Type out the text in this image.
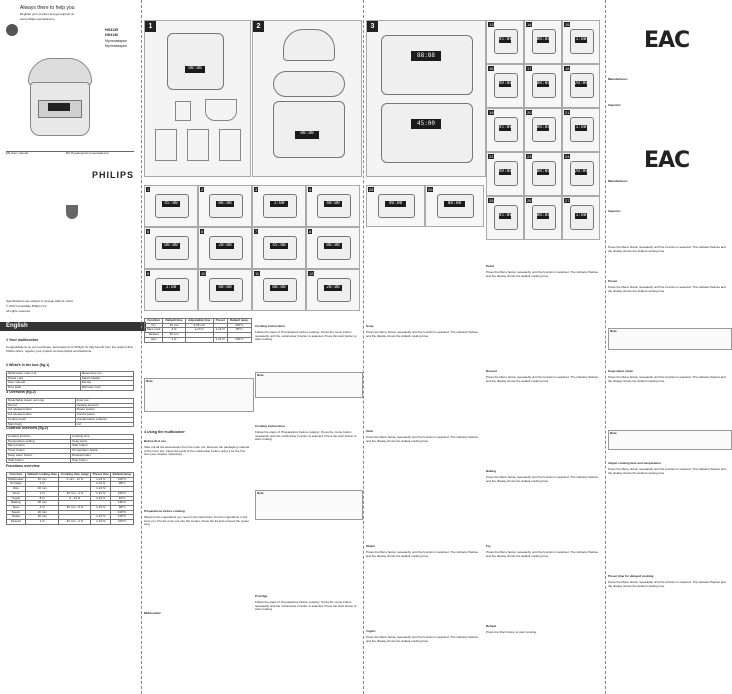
Always there to help you
Register your product and get support at
www.philips.com/welcome
HD3135
HD3136
Мультиварка
Мультиварка
EN User manual	RU Руководство пользователя
PHILIPS
Specifications are subject to change without notice
© 2017 Koninklijke Philips N.V.
All rights reserved.
English
1 Your multicooker
Congratulations on your purchase, and welcome to Philips! To fully benefit from the support that Philips offers, register your product at www.philips.com/welcome.
2 What's in the box (fig.1)
Multicooker main unit	Measuring cup
Power cord	Steam basket
User manual	Recipe
Rice ladle	Warranty card
3 Overview (fig.2)
Detachable steam vent cap	Inner pot
Top lid	Heating element
Lid release button	Power socket
Lid release button	Control panel
Control panel	Condensation collector
Main body	Lid
Controls overview (fig.2)
Cooking function	Cooking time
Temperature setting	Keep warm
Menu button	Start button
Timer button	Temperature button
Keep warm button	Reheat button
Start button	Stop button
Functions overview
Function	Default cooking time	Cooking time range	Preset time	Default temp.
Multicooker	45 min	2 min - 12 hr	1-24 hr	100°C
Porridge	1 hr		1-24 hr	98°C
Rice	40 min		1-24 hr	
Soup	1 hr	20 min - 4 hr	1-24 hr	100°C
Yogurt	8 hr	6 - 12 hr	1-24 hr	40°C
Baking	50 min			130°C
Stew	2 hr	30 min - 8 hr	1-24 hr	98°C
Steam	30 min			100°C
Pasta	20 min		1-24 hr	100°C
Dessert	1 hr	20 min - 2 hr	1-24 hr	100°C
1
88:88
2
88:88
1
45:00
2
88:88
3
1:00
4
40:00
5
08:00
6
20:00
7
45:00
8
88:88
9
1:00
10
40:00
11
08:00
12
20:00
Function	Default time	Adjustable time	Preset	Default temp.
Fry	15 min	5-60 min		160°C
Slow cook	3 hr	1-24 hr	1-24 hr	80°C
Reheat	25 min			
Jam	2 hr		1-24 hr	100°C
Note
4 Using the multicooker
Before first use
Take out all the accessories from the inner pot. Remove the packaging material of the inner pot. Clean the parts of the multicooker before using it for the first time (see chapter 'Cleaning').
Preparations before cooking
Measure the ingredients you need to the listed lines. Put the ingredients in the inner pot. Put the inner pot into the cooker. Close the lid and connect the power plug.
Multicooker
Cooking instructions
Follow the steps of 'Preparations before cooking'. Press the menu button repeatedly until the multicooker function is selected. Press the start button to start cooking.
Note
Cooking instructions
Follow the steps of 'Preparations before cooking'. Press the menu button repeatedly until the multicooker function is selected. Press the start button to start cooking.
Note
Porridge
Follow the steps of 'Preparations before cooking'. Press the menu button repeatedly until the multicooker function is selected. Press the start button to start cooking.
3
88:88
45:00
13
45:00
14
88:88
15
1:00
16
40:00
17
08:00
18
20:00
19
45:00
20
88:88
21
1:00
22
40:00
23
08:00
24
20:00
25
45:00
26
88:88
27
1:00
28
40:00
29
08:00
Soup
Press the Menu button repeatedly until the function is selected. The indicator flashes and the display shows the default cooking time.
Stew
Press the Menu button repeatedly until the function is selected. The indicator flashes and the display shows the default cooking time.
Steam
Press the Menu button repeatedly until the function is selected. The indicator flashes and the display shows the default cooking time.
Yogurt
Press the Menu button repeatedly until the function is selected. The indicator flashes and the display shows the default cooking time.
Pasta
Press the Menu button repeatedly until the function is selected. The indicator flashes and the display shows the default cooking time.
Dessert
Press the Menu button repeatedly until the function is selected. The indicator flashes and the display shows the default cooking time.
Baking
Press the Menu button repeatedly until the function is selected. The indicator flashes and the display shows the default cooking time.
Fry
Press the Menu button repeatedly until the function is selected. The indicator flashes and the display shows the default cooking time.
Reheat
Press the Start button to start cooking.
EAC
Manufacturer:
Importer:
EAC
Manufacturer:
Importer:
Press the Menu button repeatedly until the function is selected. The indicator flashes and the display shows the default cooking time.
Preset
Press the Menu button repeatedly until the function is selected. The indicator flashes and the display shows the default cooking time.
Note
Keep-warm mode
Press the Menu button repeatedly until the function is selected. The indicator flashes and the display shows the default cooking time.
Note
Adjust cooking time and temperature
Press the Menu button repeatedly until the function is selected. The indicator flashes and the display shows the default cooking time.
Preset time for delayed cooking
Press the Menu button repeatedly until the function is selected. The indicator flashes and the display shows the default cooking time.
